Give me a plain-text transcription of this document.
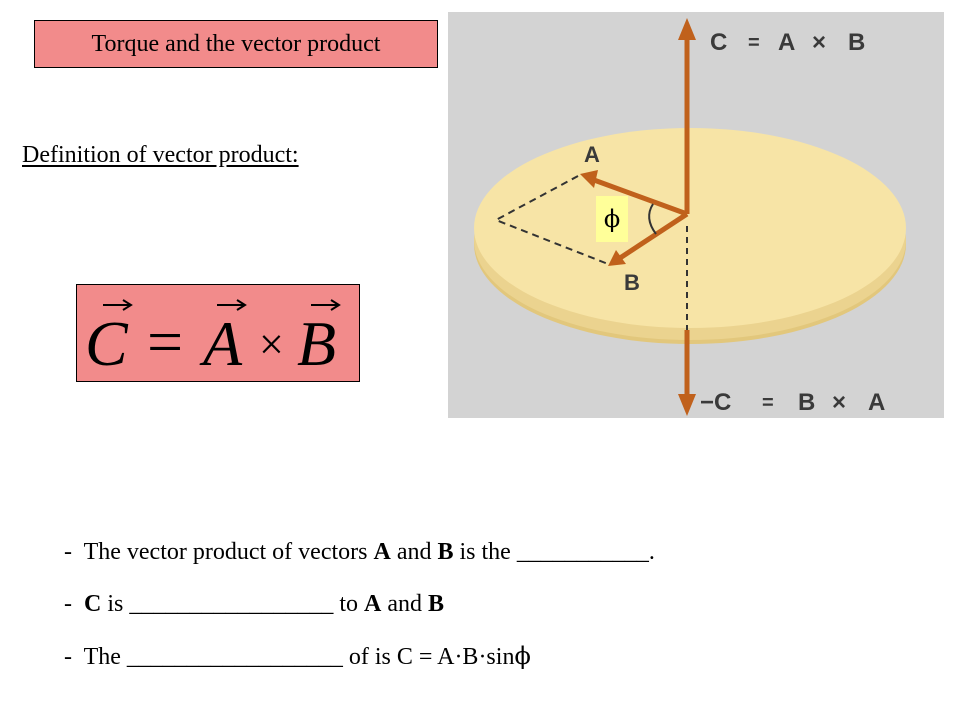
Torque and the vector product
Definition of vector product:
C = A × B
C = A × B
A
B
−C = B × A
ϕ
- The vector product of vectors A and B is the ___________.
- C is _________________ to A and B
- The __________________ of is C = A·B·sinϕ
